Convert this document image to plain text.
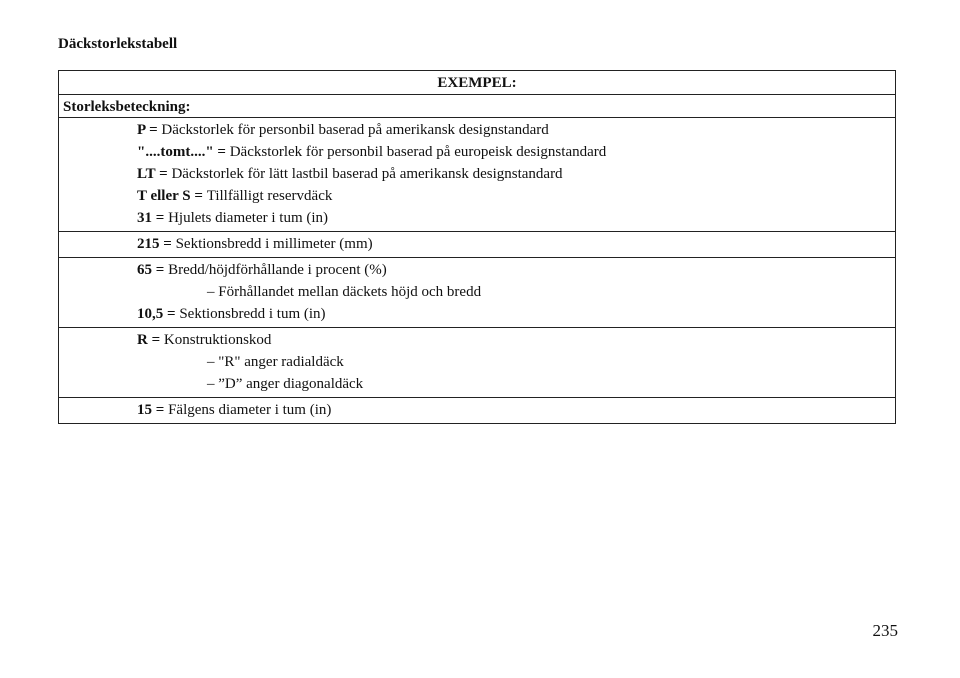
Däckstorlekstabell
EXEMPEL:
Storleksbeteckning:
P = Däckstorlek för personbil baserad på amerikansk designstandard
"....tomt...." = Däckstorlek för personbil baserad på europeisk designstandard
LT = Däckstorlek för lätt lastbil baserad på amerikansk designstandard
T eller S = Tillfälligt reservdäck
31 = Hjulets diameter i tum (in)
215 = Sektionsbredd i millimeter (mm)
65 = Bredd/höjdförhållande i procent (%)
– Förhållandet mellan däckets höjd och bredd
10,5 = Sektionsbredd i tum (in)
R = Konstruktionskod
– "R" anger radialdäck
– ”D” anger diagonaldäck
15 = Fälgens diameter i tum (in)
235
